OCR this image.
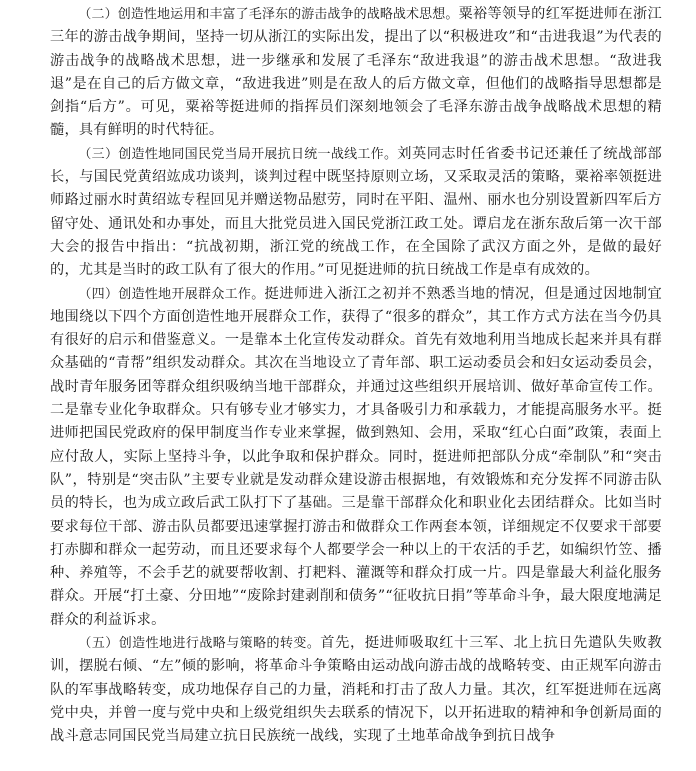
（二）创造性地运用和丰富了毛泽东的游击战争的战略战术思想。粟裕等领导的红军挺进师在浙江三年的游击战争期间，坚持一切从浙江的实际出发，提出了以“积极进攻”和“击进我退”为代表的游击战争的战略战术思想，进一步继承和发展了毛泽东“敌进我退”的游击战术思想。“敌进我退”是在自己的后方做文章，“敌进我进”则是在敌人的后方做文章，但他们的战略指导思想都是剑指“后方”。可见，粟裕等挺进师的指挥员们深刻地领会了毛泽东游击战争战略战术思想的精髓，具有鲜明的时代特征。

（三）创造性地同国民党当局开展抗日统一战线工作。刘英同志时任省委书记还兼任了统战部部长，与国民党黄绍竑成功谈判，谈判过程中既坚持原则立场，又采取灵活的策略，粟裕率领挺进师路过丽水时黄绍竑专程回见并赠送物品慰劳，同时在平阳、温州、丽水也分别设置新四军后方留守处、通讯处和办事处，而且大批党员进入国民党浙江政工处。谭启龙在浙东敌后第一次干部大会的报告中指出：“抗战初期，浙江党的统战工作，在全国除了武汉方面之外，是做的最好的，尤其是当时的政工队有了很大的作用。”可见挺进师的抗日统战工作是卓有成效的。

（四）创造性地开展群众工作。挺进师进入浙江之初并不熟悉当地的情况，但是通过因地制宜地围绕以下四个方面创造性地开展群众工作，获得了“很多的群众”，其工作方式方法在当今仍具有很好的启示和借鉴意义。一是靠本土化宣传发动群众。首先有效地利用当地成长起来并具有群众基础的“青帮”组织发动群众。其次在当地设立了青年部、职工运动委员会和妇女运动委员会，战时青年服务团等群众组织吸纳当地干部群众，并通过这些组织开展培训、做好革命宣传工作。二是靠专业化争取群众。只有够专业才够实力，才具备吸引力和承载力，才能提高服务水平。挺进师把国民党政府的保甲制度当作专业来掌握，做到熟知、会用，采取“红心白面”政策，表面上应付敌人，实际上坚持斗争，以此争取和保护群众。同时，挺进师把部队分成“牵制队”和“突击队”，特别是“突击队”主要专业就是发动群众建设游击根据地，有效锻炼和充分发挥不同游击队员的特长，也为成立政后武工队打下了基础。三是靠干部群众化和职业化去团结群众。比如当时要求每位干部、游击队员都要迅速掌握打游击和做群众工作两套本领，详细规定不仅要求干部要打赤脚和群众一起劳动，而且还要求每个人都要学会一种以上的干农活的手艺，如编织竹笠、播种、养殖等，不会手艺的就要帮收割、打耙料、灌溉等和群众打成一片。四是靠最大利益化服务群众。开展“打土豪、分田地”“废除封建剥削和债务”“征收抗日捐”等革命斗争，最大限度地满足群众的利益诉求。

（五）创造性地进行战略与策略的转变。首先，挺进师吸取红十三军、北上抗日先遣队失败教训，摆脱右倾、“左”倾的影响，将革命斗争策略由运动战向游击战的战略转变、由正规军向游击队的军事战略转变，成功地保存自己的力量，消耗和打击了敌人力量。其次，红军挺进师在远离党中央，并曾一度与党中央和上级党组织失去联系的情况下，以开拓进取的精神和争创新局面的战斗意志同国民党当局建立抗日民族统一战线，实现了土地革命战争到抗日战争
